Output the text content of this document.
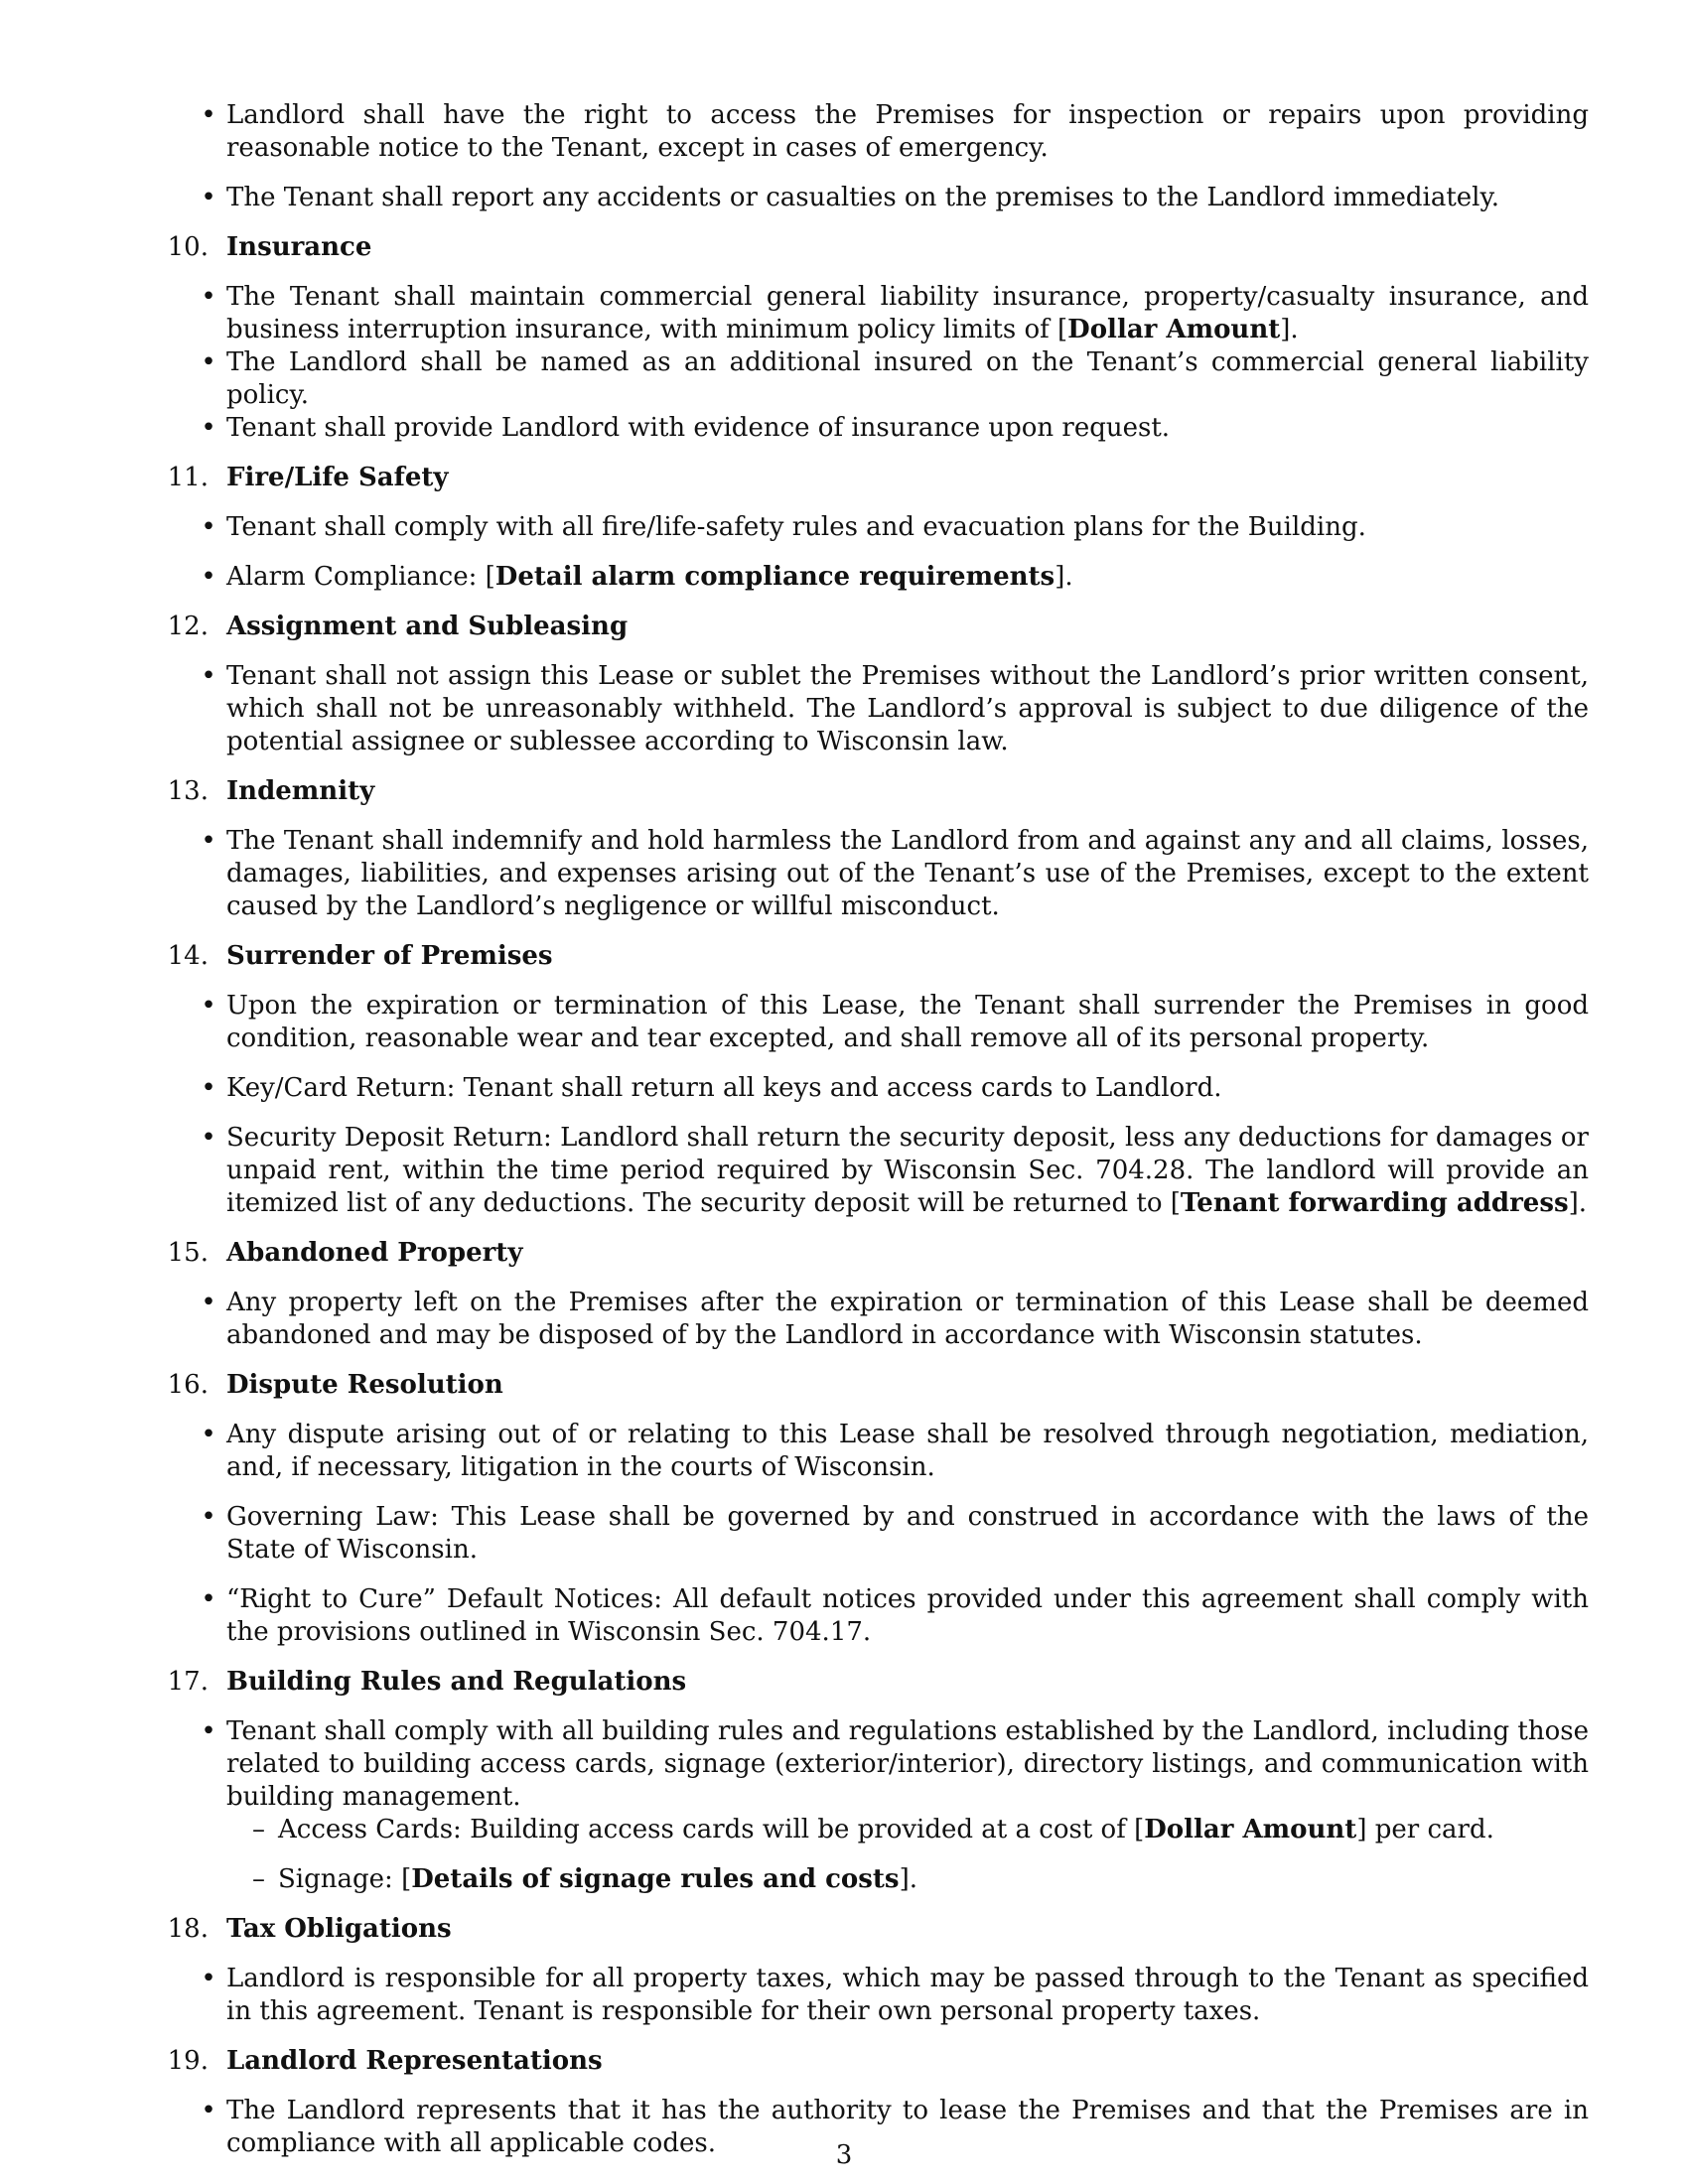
• Landlord shall have the right to access the Premises for inspection or repairs upon providing reasonable notice to the Tenant, except in cases of emergency.
• The Tenant shall report any accidents or casualties on the premises to the Landlord immediately.
10. Insurance
• The Tenant shall maintain commercial general liability insurance, property/casualty insurance, and business interruption insurance, with minimum policy limits of [Dollar Amount].
• The Landlord shall be named as an additional insured on the Tenant’s commercial general liability policy.
• Tenant shall provide Landlord with evidence of insurance upon request.
11. Fire/Life Safety
• Tenant shall comply with all fire/life-safety rules and evacuation plans for the Building.
• Alarm Compliance: [Detail alarm compliance requirements].
12. Assignment and Subleasing
• Tenant shall not assign this Lease or sublet the Premises without the Landlord’s prior written consent, which shall not be unreasonably withheld. The Landlord’s approval is subject to due diligence of the potential assignee or sublessee according to Wisconsin law.
13. Indemnity
• The Tenant shall indemnify and hold harmless the Landlord from and against any and all claims, losses, damages, liabilities, and expenses arising out of the Tenant’s use of the Premises, except to the extent caused by the Landlord’s negligence or willful misconduct.
14. Surrender of Premises
• Upon the expiration or termination of this Lease, the Tenant shall surrender the Premises in good condition, reasonable wear and tear excepted, and shall remove all of its personal property.
• Key/Card Return: Tenant shall return all keys and access cards to Landlord.
• Security Deposit Return: Landlord shall return the security deposit, less any deductions for damages or unpaid rent, within the time period required by Wisconsin Sec. 704.28. The landlord will provide an itemized list of any deductions. The security deposit will be returned to [Tenant forwarding address].
15. Abandoned Property
• Any property left on the Premises after the expiration or termination of this Lease shall be deemed abandoned and may be disposed of by the Landlord in accordance with Wisconsin statutes.
16. Dispute Resolution
• Any dispute arising out of or relating to this Lease shall be resolved through negotiation, mediation, and, if necessary, litigation in the courts of Wisconsin.
• Governing Law: This Lease shall be governed by and construed in accordance with the laws of the State of Wisconsin.
• “Right to Cure” Default Notices: All default notices provided under this agreement shall comply with the provisions outlined in Wisconsin Sec. 704.17.
17. Building Rules and Regulations
• Tenant shall comply with all building rules and regulations established by the Landlord, including those related to building access cards, signage (exterior/interior), directory listings, and communication with building management.
– Access Cards: Building access cards will be provided at a cost of [Dollar Amount] per card.
– Signage: [Details of signage rules and costs].
18. Tax Obligations
• Landlord is responsible for all property taxes, which may be passed through to the Tenant as specified in this agreement. Tenant is responsible for their own personal property taxes.
19. Landlord Representations
• The Landlord represents that it has the authority to lease the Premises and that the Premises are in compliance with all applicable codes.	3
